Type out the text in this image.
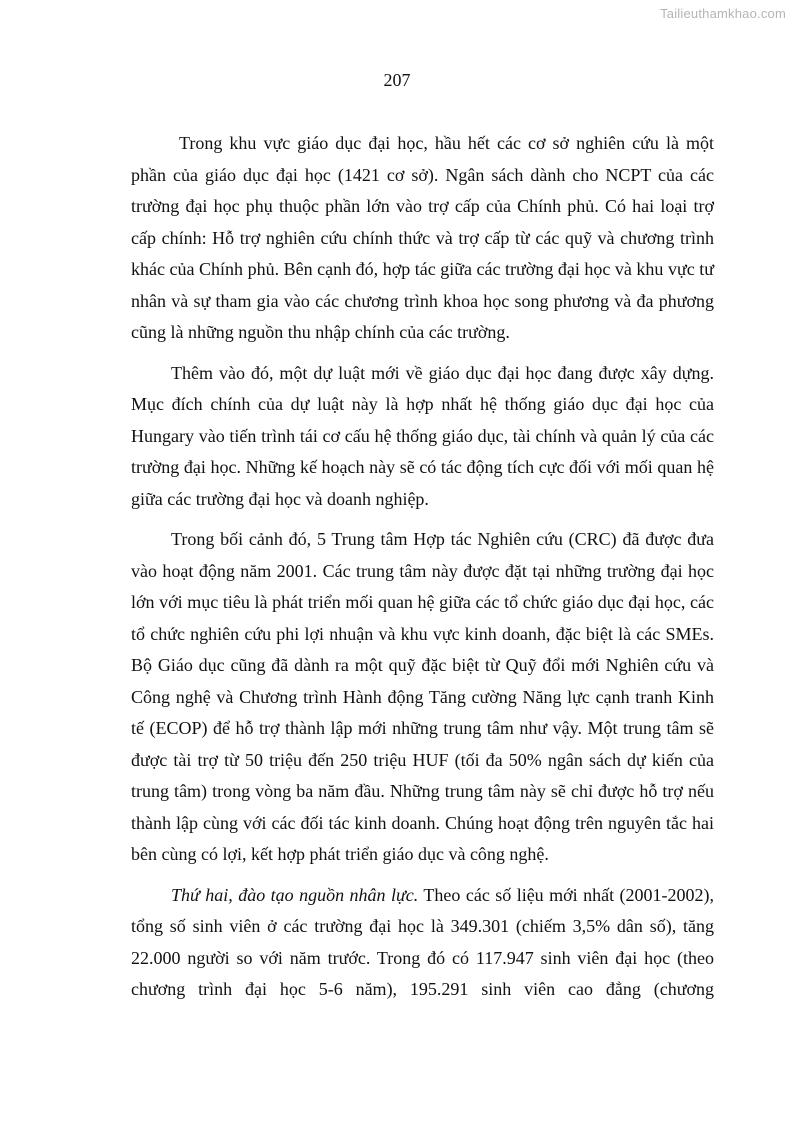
Tailieuthamkhao.com
207

Trong khu vực giáo dục đại học, hầu hết các cơ sở nghiên cứu là một phần của giáo dục đại học (1421 cơ sở). Ngân sách dành cho NCPT của các trường đại học phụ thuộc phần lớn vào trợ cấp của Chính phủ. Có hai loại trợ cấp chính: Hỗ trợ nghiên cứu chính thức và trợ cấp từ các quỹ và chương trình khác của Chính phủ. Bên cạnh đó, hợp tác giữa các trường đại học và khu vực tư nhân và sự tham gia vào các chương trình khoa học song phương và đa phương cũng là những nguồn thu nhập chính của các trường.

Thêm vào đó, một dự luật mới về giáo dục đại học đang được xây dựng. Mục đích chính của dự luật này là hợp nhất hệ thống giáo dục đại học của Hungary vào tiến trình tái cơ cấu hệ thống giáo dục, tài chính và quản lý của các trường đại học. Những kế hoạch này sẽ có tác động tích cực đối với mối quan hệ giữa các trường đại học và doanh nghiệp.

Trong bối cảnh đó, 5 Trung tâm Hợp tác Nghiên cứu (CRC) đã được đưa vào hoạt động năm 2001. Các trung tâm này được đặt tại những trường đại học lớn với mục tiêu là phát triển mối quan hệ giữa các tổ chức giáo dục đại học, các tổ chức nghiên cứu phi lợi nhuận và khu vực kinh doanh, đặc biệt là các SMEs. Bộ Giáo dục cũng đã dành ra một quỹ đặc biệt từ Quỹ đổi mới Nghiên cứu và Công nghệ và Chương trình Hành động Tăng cường Năng lực cạnh tranh Kinh tế (ECOP) để hỗ trợ thành lập mới những trung tâm như vậy. Một trung tâm sẽ được tài trợ từ 50 triệu đến 250 triệu HUF (tối đa 50% ngân sách dự kiến của trung tâm) trong vòng ba năm đầu. Những trung tâm này sẽ chỉ được hỗ trợ nếu thành lập cùng với các đối tác kinh doanh. Chúng hoạt động trên nguyên tắc hai bên cùng có lợi, kết hợp phát triển giáo dục và công nghệ.

Thứ hai, đào tạo nguồn nhân lực. Theo các số liệu mới nhất (2001-2002), tổng số sinh viên ở các trường đại học là 349.301 (chiếm 3,5% dân số), tăng 22.000 người so với năm trước. Trong đó có 117.947 sinh viên đại học (theo chương trình đại học 5-6 năm), 195.291 sinh viên cao đẳng (chương
